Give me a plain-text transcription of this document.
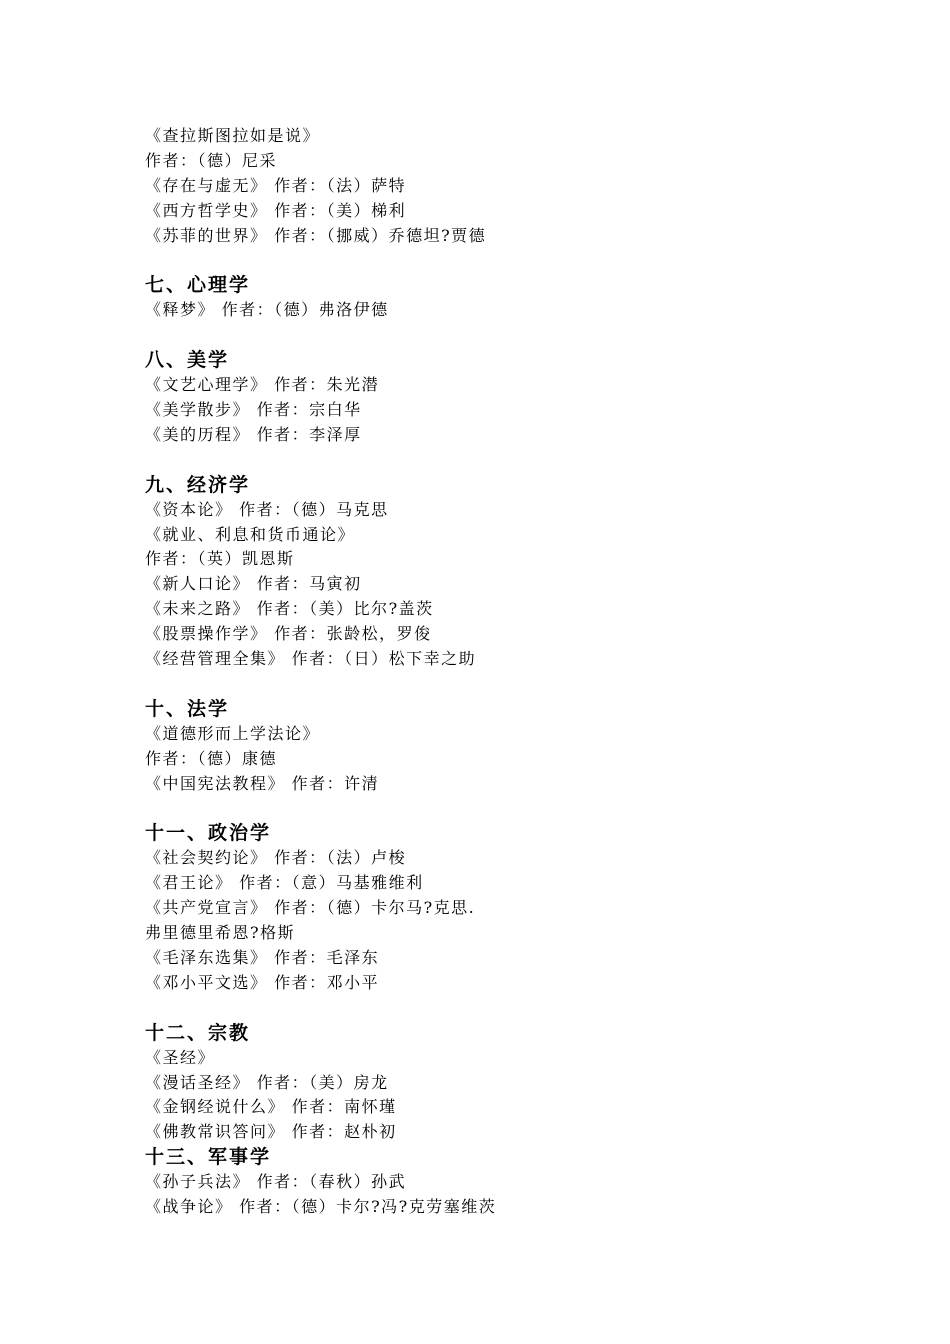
《查拉斯图拉如是说》
作者：（德）尼采
《存在与虚无》 作者：（法）萨特
《西方哲学史》 作者：（美）梯利
《苏菲的世界》 作者：（挪威）乔德坦?贾德
七、心理学
《释梦》 作者：（德）弗洛伊德
八、美学
《文艺心理学》 作者：朱光潜
《美学散步》 作者：宗白华
《美的历程》 作者：李泽厚
九、经济学
《资本论》 作者：（德）马克思
《就业、利息和货币通论》
作者：（英）凯恩斯
《新人口论》 作者：马寅初
《未来之路》 作者：（美）比尔?盖茨
《股票操作学》 作者：张龄松，罗俊
《经营管理全集》 作者：（日）松下幸之助
十、法学
《道德形而上学法论》
作者：（德）康德
《中国宪法教程》 作者：许清
十一、政治学
《社会契约论》 作者：（法）卢梭
《君王论》 作者：（意）马基雅维利
《共产党宣言》 作者：（德）卡尔马?克思.
弗里德里希恩?格斯
《毛泽东选集》 作者：毛泽东
《邓小平文选》 作者：邓小平
十二、宗教
《圣经》
《漫话圣经》 作者：（美）房龙
《金钢经说什么》 作者：南怀瑾
《佛教常识答问》 作者：赵朴初
十三、军事学
《孙子兵法》 作者：（春秋）孙武
《战争论》 作者：（德）卡尔?冯?克劳塞维茨
